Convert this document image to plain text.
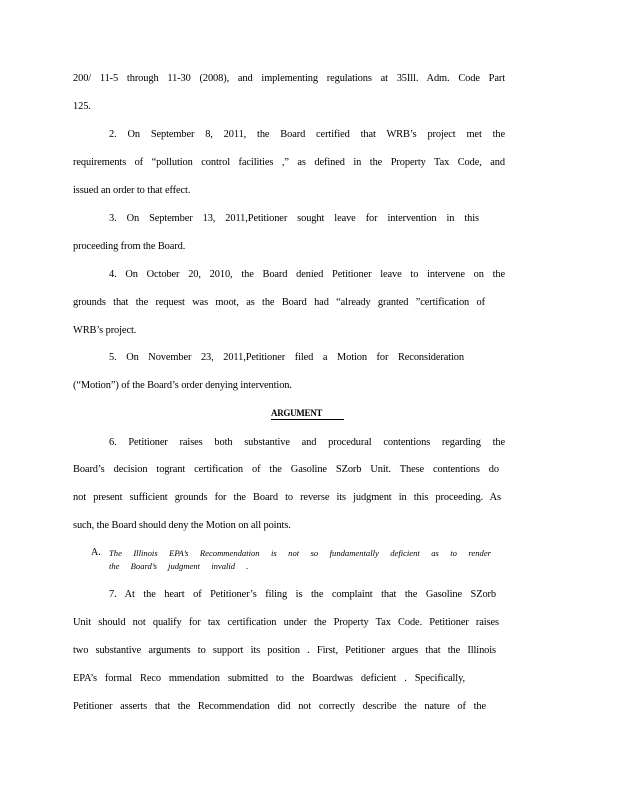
200/ 11-5 through 11-30 (2008), and implementing regulations at 35Ill. Adm. Code Part
125.
2. On September 8, 2011, the Board certified that WRB’s project met the
requirements of “pollution control facilities ,” as defined in the Property Tax Code, and
issued an order to that effect.
3. On September 13, 2011,Petitioner sought leave for intervention in this
proceeding from the Board.
4. On October 20, 2010, the Board denied Petitioner leave to intervene on the
grounds that the request was moot, as the Board had “already granted ”certification of
WRB’s project.
5. On November 23, 2011,Petitioner filed a Motion for Reconsideration
(“Motion”) of the Board’s order denying intervention.
ARGUMENT
6. Petitioner raises both substantive and procedural contentions regarding the
Board’s decision togrant certification of the Gasoline SZorb Unit. These contentions do
not present sufficient grounds for the Board to reverse its judgment in this proceeding. As
such, the Board should deny the Motion on all points.
A. The Illinois EPA’s Recommendation is not so fundamentally deficient as to render
the Board’s judgment invalid .
7. At the heart of Petitioner’s filing is the complaint that the Gasoline SZorb
Unit should not qualify for tax certification under the Property Tax Code. Petitioner raises
two substantive arguments to support its position . First, Petitioner argues that the Illinois
EPA’s formal Reco mmendation submitted to the Boardwas deficient . Specifically,
Petitioner asserts that the Recommendation did not correctly describe the nature of the
